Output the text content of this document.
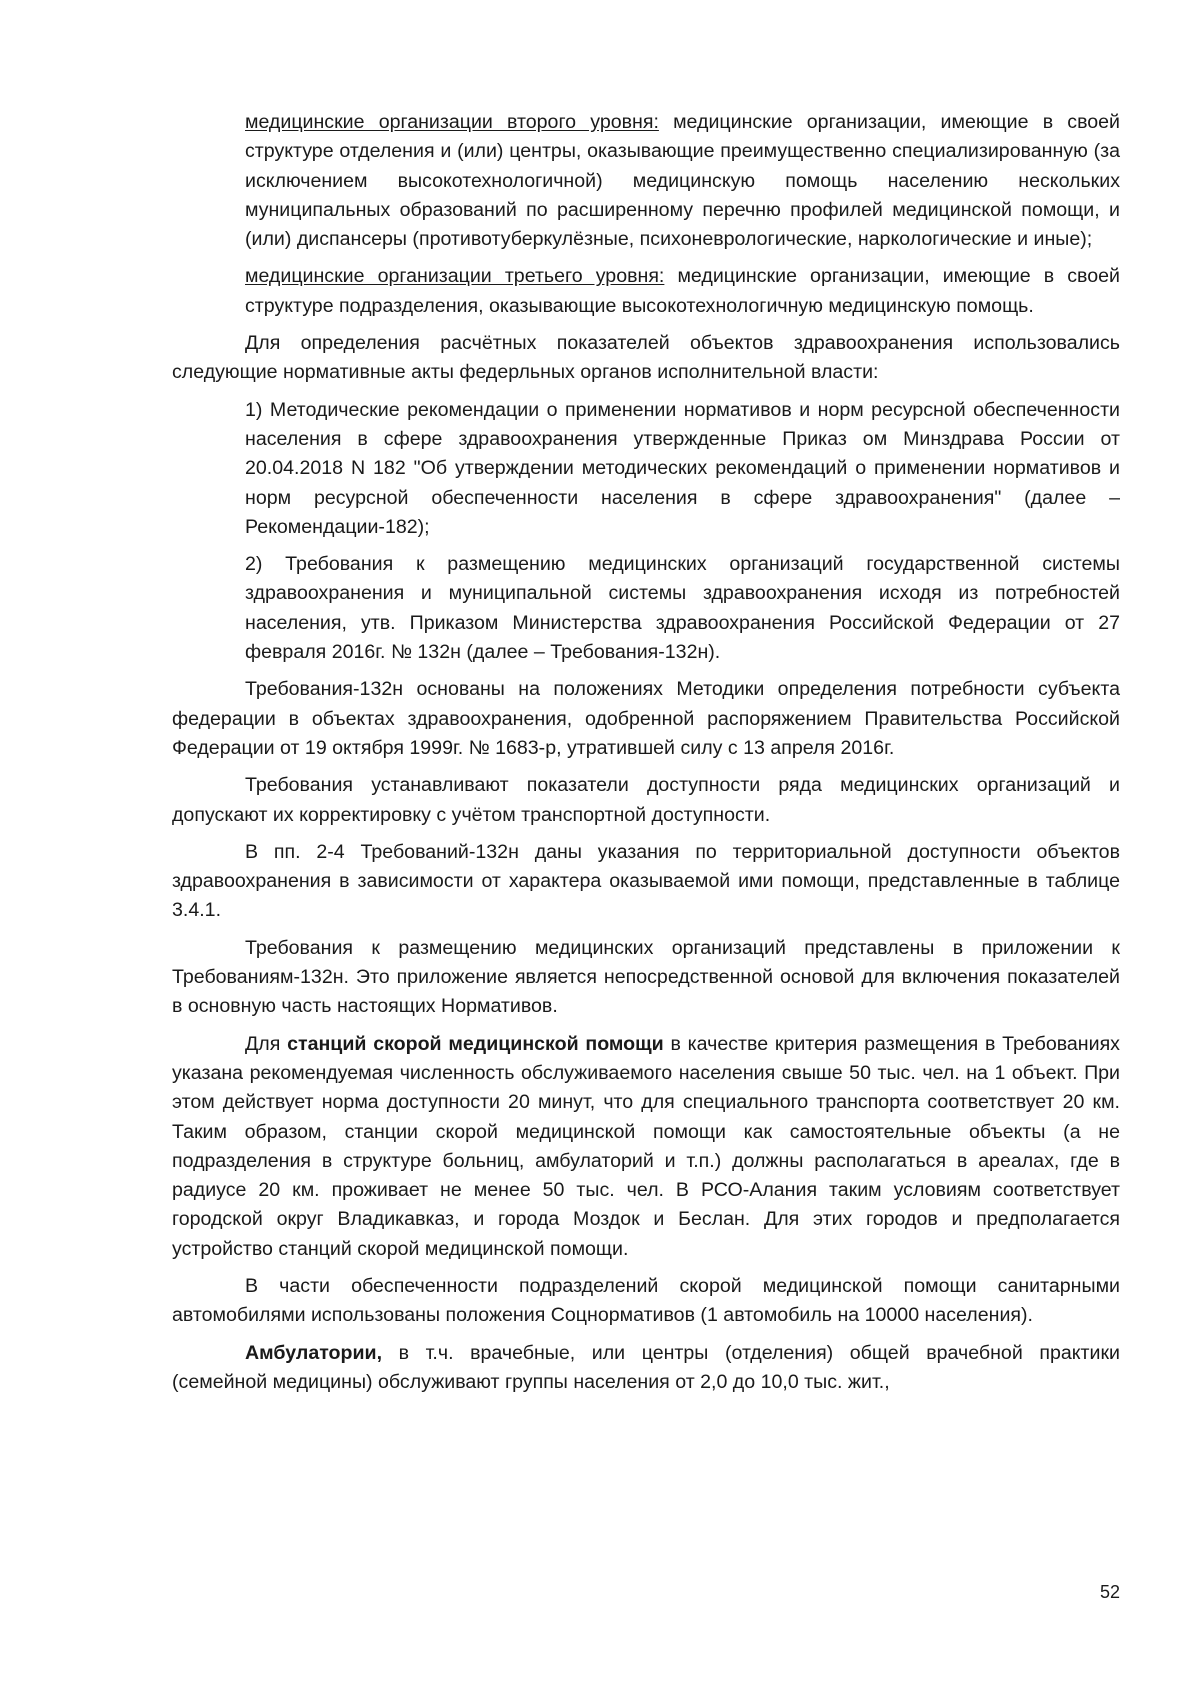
медицинские организации второго уровня: медицинские организации, имеющие в своей структуре отделения и (или) центры, оказывающие преимущественно специализированную (за исключением высокотехнологичной) медицинскую помощь населению нескольких муниципальных образований по расширенному перечню профилей медицинской помощи, и (или) диспансеры (противотуберкулёзные, психоневрологические, наркологические и иные);

медицинские организации третьего уровня: медицинские организации, имеющие в своей структуре подразделения, оказывающие высокотехнологичную медицинскую помощь.

Для определения расчётных показателей объектов здравоохранения использовались следующие нормативные акты федерльных органов исполнительной власти:

1) Методические рекомендации о применении нормативов и норм ресурсной обеспеченности населения в сфере здравоохранения утвержденные Приказ ом Минздрава России от 20.04.2018 N 182 "Об утверждении методических рекомендаций о применении нормативов и норм ресурсной обеспеченности населения в сфере здравоохранения" (далее – Рекомендации-182);

2) Требования к размещению медицинских организаций государственной системы здравоохранения и муниципальной системы здравоохранения исходя из потребностей населения, утв. Приказом Министерства здравоохранения Российской Федерации от 27 февраля 2016г. № 132н (далее – Требования-132н).

Требования-132н основаны на положениях Методики определения потребности субъекта федерации в объектах здравоохранения, одобренной распоряжением Правительства Российской Федерации от 19 октября 1999г. № 1683-р, утратившей силу с 13 апреля 2016г.

Требования устанавливают показатели доступности ряда медицинских организаций и допускают их корректировку с учётом транспортной доступности.

В пп. 2-4 Требований-132н даны указания по территориальной доступности объектов здравоохранения в зависимости от характера оказываемой ими помощи, представленные в таблице 3.4.1.

Требования к размещению медицинских организаций представлены в приложении к Требованиям-132н. Это приложение является непосредственной основой для включения показателей в основную часть настоящих Нормативов.

Для станций скорой медицинской помощи в качестве критерия размещения в Требованиях указана рекомендуемая численность обслуживаемого населения свыше 50 тыс. чел. на 1 объект. При этом действует норма доступности 20 минут, что для специального транспорта соответствует 20 км. Таким образом, станции скорой медицинской помощи как самостоятельные объекты (а не подразделения в структуре больниц, амбулаторий и т.п.) должны располагаться в ареалах, где в радиусе 20 км. проживает не менее 50 тыс. чел. В РСО-Алания таким условиям соответствует городской округ Владикавказ, и города Моздок и Беслан. Для этих городов и предполагается устройство станций скорой медицинской помощи.

В части обеспеченности подразделений скорой медицинской помощи санитарными автомобилями использованы положения Соцнормативов (1 автомобиль на 10000 населения).

Амбулатории, в т.ч. врачебные, или центры (отделения) общей врачебной практики (семейной медицины) обслуживают группы населения от 2,0 до 10,0 тыс. жит.,

52
